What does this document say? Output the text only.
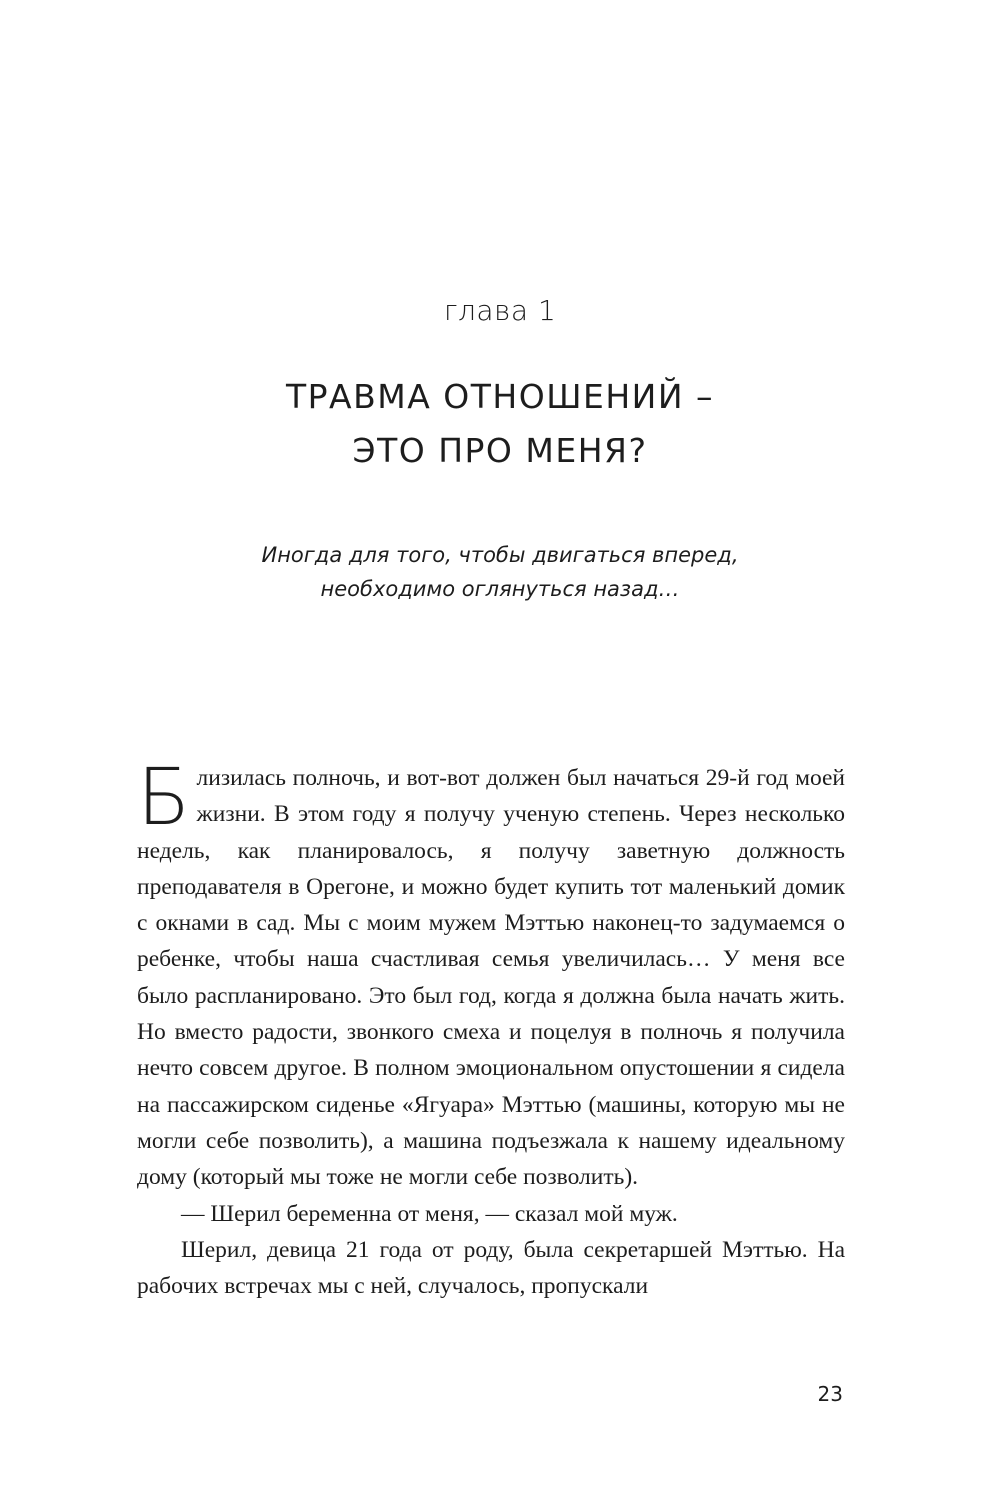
глава 1
ТРАВМА ОТНОШЕНИЙ –
ЭТО ПРО МЕНЯ?
Иногда для того, чтобы двигаться вперед,
необходимо оглянуться назад…

Близилась полночь, и вот-вот должен был начаться 29-й год моей жизни. В этом году я получу ученую степень. Через несколько недель, как планировалось, я получу заветную должность преподавателя в Орегоне, и можно будет купить тот маленький домик с окнами в сад. Мы с моим мужем Мэттью наконец-то задумаемся о ребенке, чтобы наша счастливая семья увеличилась… У меня все было распланировано. Это был год, когда я должна была начать жить. Но вместо радости, звонкого смеха и поцелуя в полночь я получила нечто совсем другое. В полном эмоциональном опустошении я сидела на пассажирском сиденье «Ягуара» Мэттью (машины, которую мы не могли себе позволить), а машина подъезжала к нашему идеальному дому (который мы тоже не могли себе позволить).

— Шерил беременна от меня, — сказал мой муж.

Шерил, девица 21 года от роду, была секретаршей Мэттью. На рабочих встречах мы с ней, случалось, пропускали

23
